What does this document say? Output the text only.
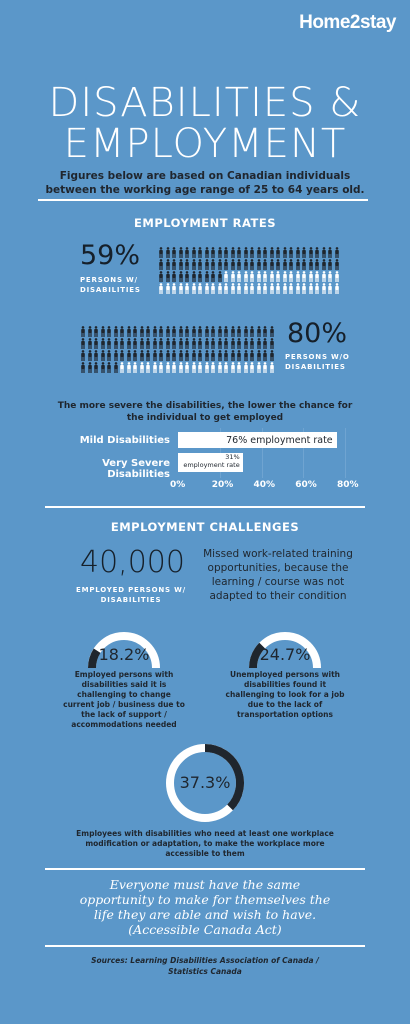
Home2stay
DISABILITIES &
EMPLOYMENT
Figures below are based on Canadian individuals
between the working age range of 25 to 64 years old.
EMPLOYMENT RATES
59%
PERSONS W/
DISABILITIES
80%
PERSONS W/O
DISABILITIES
The more severe the disabilities, the lower the chance for
the individual to get employed
Mild Disabilities
Very Severe Disabilities
76% employment rate
31%
employment rate
0%	20% 40% 60% 80%
EMPLOYMENT CHALLENGES
40,000
EMPLOYED PERSONS W/
DISABILITIES
Missed work-related training
opportunities, because the
learning / course was not
adapted to their condition
18.2%
Employed persons with
disabilities said it is
challenging to change
current job / business due to
the lack of support /
accommodations needed
24.7%
Unemployed persons with
disabilities found it
challenging to look for a job
due to the lack of
transportation options
37.3%
Employees with disabilities who need at least one workplace
modification or adaptation, to make the workplace more
accessible to them
Everyone must have the same
opportunity to make for themselves the
life they are able and wish to have.
(Accessible Canada Act)
Sources: Learning Disabilities Association of Canada /
Statistics Canada
